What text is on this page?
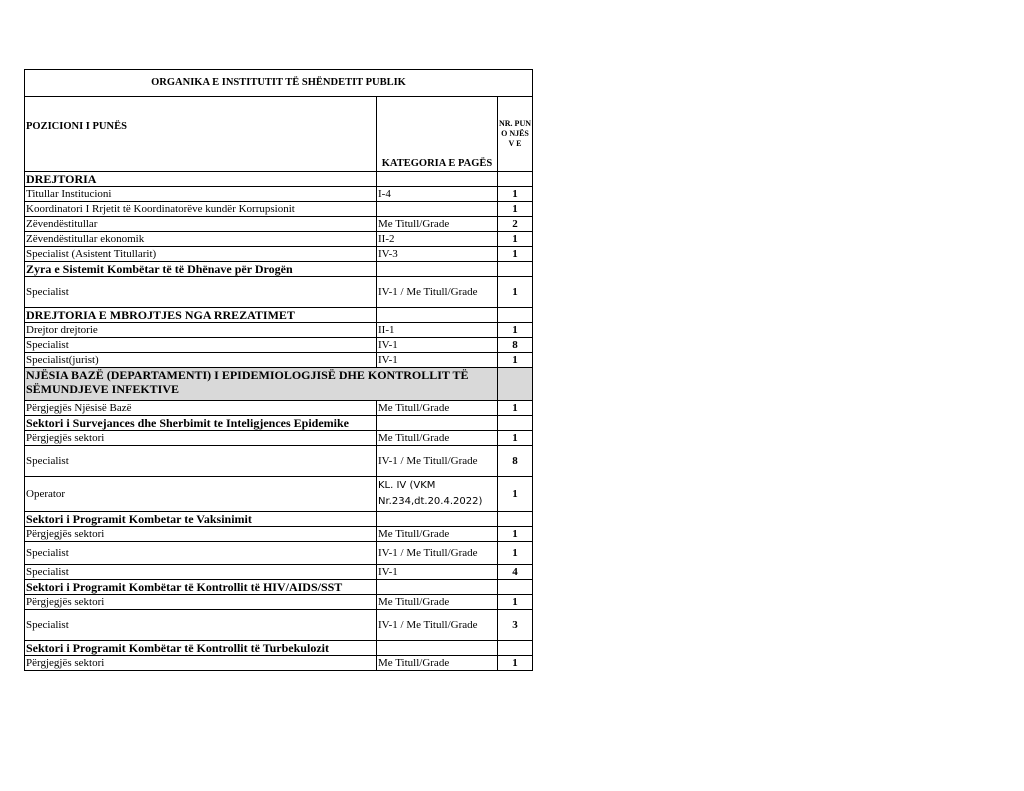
ORGANIKA E INSTITUTIT TË SHËNDETIT PUBLIK		
POZICIONI I PUNËS	KATEGORIA E PAGËS	NR. PUNO NJËSV E
DREJTORIA		
Titullar Institucioni	I-4	1
Koordinatori I Rrjetit të Koordinatorëve kundër Korrupsionit		1
Zëvendëstitullar	Me Titull/Grade	2
Zëvendëstitullar ekonomik	II-2	1
Specialist (Asistent Titullarit)	IV-3	1
Zyra e Sistemit Kombëtar të të Dhënave për Drogën		
Specialist	IV-1 / Me Titull/Grade	1
DREJTORIA E MBROJTJES NGA RREZATIMET		
Drejtor drejtorie	II-1	1
Specialist	IV-1	8
Specialist(jurist)	IV-1	1
NJËSIA BAZË (DEPARTAMENTI) I EPIDEMIOLOGJISË DHE KONTROLLIT TË SËMUNDJEVE INFEKTIVE		
Përgjegjës Njësisë Bazë	Me Titull/Grade	1
Sektori i Survejances dhe Sherbimit te Inteligjences Epidemike		
Përgjegjës sektori	Me Titull/Grade	1
Specialist	IV-1 / Me Titull/Grade	8
Operator	KL. IV (VKM Nr.234,dt.20.4.2022)	1
Sektori i Programit Kombetar te Vaksinimit		
Përgjegjës sektori	Me Titull/Grade	1
Specialist	IV-1 / Me Titull/Grade	1
Specialist	IV-1	4
Sektori i Programit Kombëtar të Kontrollit të HIV/AIDS/SST		
Përgjegjës sektori	Me Titull/Grade	1
Specialist	IV-1 / Me Titull/Grade	3
Sektori i Programit Kombëtar të Kontrollit të Turbekulozit		
Përgjegjës sektori	Me Titull/Grade	1
